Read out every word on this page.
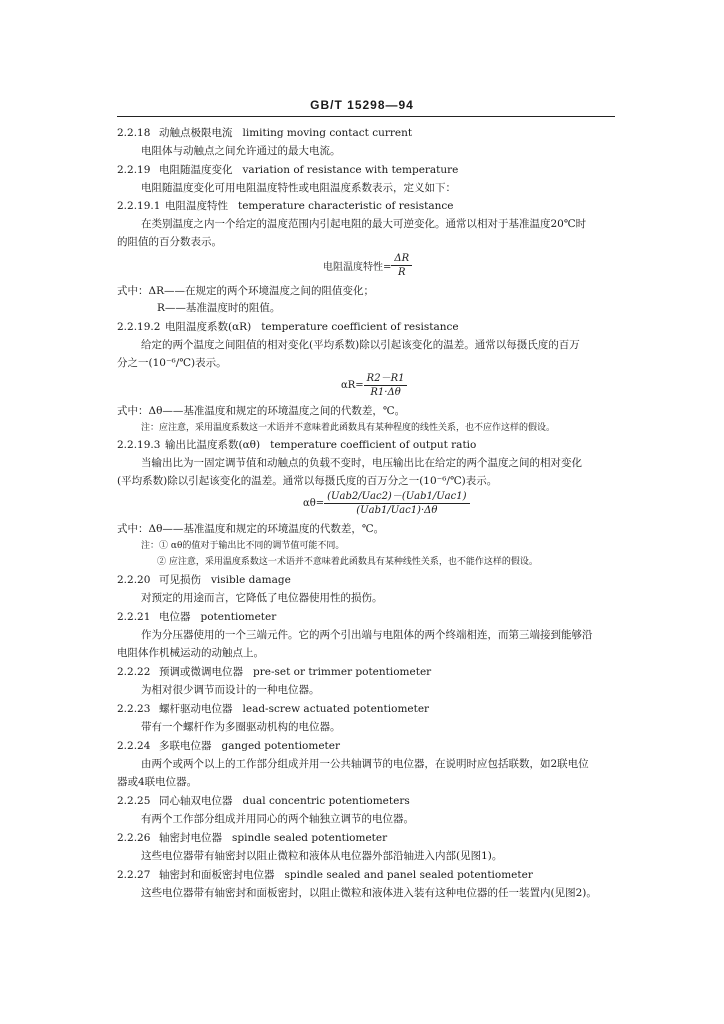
GB/T 15298—94
2.2.18 动触点极限电流 limiting moving contact current
电阻体与动触点之间允许通过的最大电流。
2.2.19 电阻随温度变化 variation of resistance with temperature
电阻随温度变化可用电阻温度特性或电阻温度系数表示，定义如下：
2.2.19.1 电阻温度特性 temperature characteristic of resistance
在类别温度之内一个给定的温度范围内引起电阻的最大可逆变化。通常以相对于基准温度20℃时
的阻值的百分数表示。
电阻温度特性= $\frac{\Delta R}{R}$
式中：ΔR——在规定的两个环境温度之间的阻值变化；
R——基准温度时的阻值。
2.2.19.2 电阻温度系数(αR) temperature coefficient of resistance
给定的两个温度之间阻值的相对变化(平均系数)除以引起该变化的温差。通常以每摄氏度的百万
分之一(10⁻⁶/℃)表示。
$\alpha R= \frac{R2-R1}{R1\cdot\Delta\theta}$
式中：Δθ——基准温度和规定的环境温度之间的代数差，℃。
注：应注意，采用温度系数这一术语并不意味着此函数具有某种程度的线性关系，也不应作这样的假设。
2.2.19.3 输出比温度系数(αθ) temperature coefficient of output ratio
当输出比为一固定调节值和动触点的负载不变时，电压输出比在给定的两个温度之间的相对变化
(平均系数)除以引起该变化的温差。通常以每摄氏度的百万分之一(10⁻⁶/℃)表示。
$\alpha\theta= \frac{\text{(Uab2/Uac2)－(Uab1/Uac1)}}{\text{(Uab1/Uac1)·Δθ}}$
式中：Δθ——基准温度和规定的环境温度的代数差，℃。
注：① αθ的值对于输出比不同的调节值可能不同。
② 应注意，采用温度系数这一术语并不意味着此函数具有某种线性关系，也不能作这样的假设。
2.2.20 可见损伤 visible damage
对预定的用途而言，它降低了电位器使用性的损伤。
2.2.21 电位器 potentiometer
作为分压器使用的一个三端元件。它的两个引出端与电阻体的两个终端相连，而第三端接到能够沿
电阻体作机械运动的动触点上。
2.2.22 预调或微调电位器 pre-set or trimmer potentiometer
为相对很少调节而设计的一种电位器。
2.2.23 螺杆驱动电位器 lead-screw actuated potentiometer
带有一个螺杆作为多圈驱动机构的电位器。
2.2.24 多联电位器 ganged potentiometer
由两个或两个以上的工作部分组成并用一公共轴调节的电位器，在说明时应包括联数，如2联电位
器或4联电位器。
2.2.25 同心轴双电位器 dual concentric potentiometers
有两个工作部分组成并用同心的两个轴独立调节的电位器。
2.2.26 轴密封电位器 spindle sealed potentiometer
这些电位器带有轴密封以阻止微粒和液体从电位器外部沿轴进入内部(见图1)。
2.2.27 轴密封和面板密封电位器 spindle sealed and panel sealed potentiometer
这些电位器带有轴密封和面板密封，以阻止微粒和液体进入装有这种电位器的任一装置内(见图2)。
